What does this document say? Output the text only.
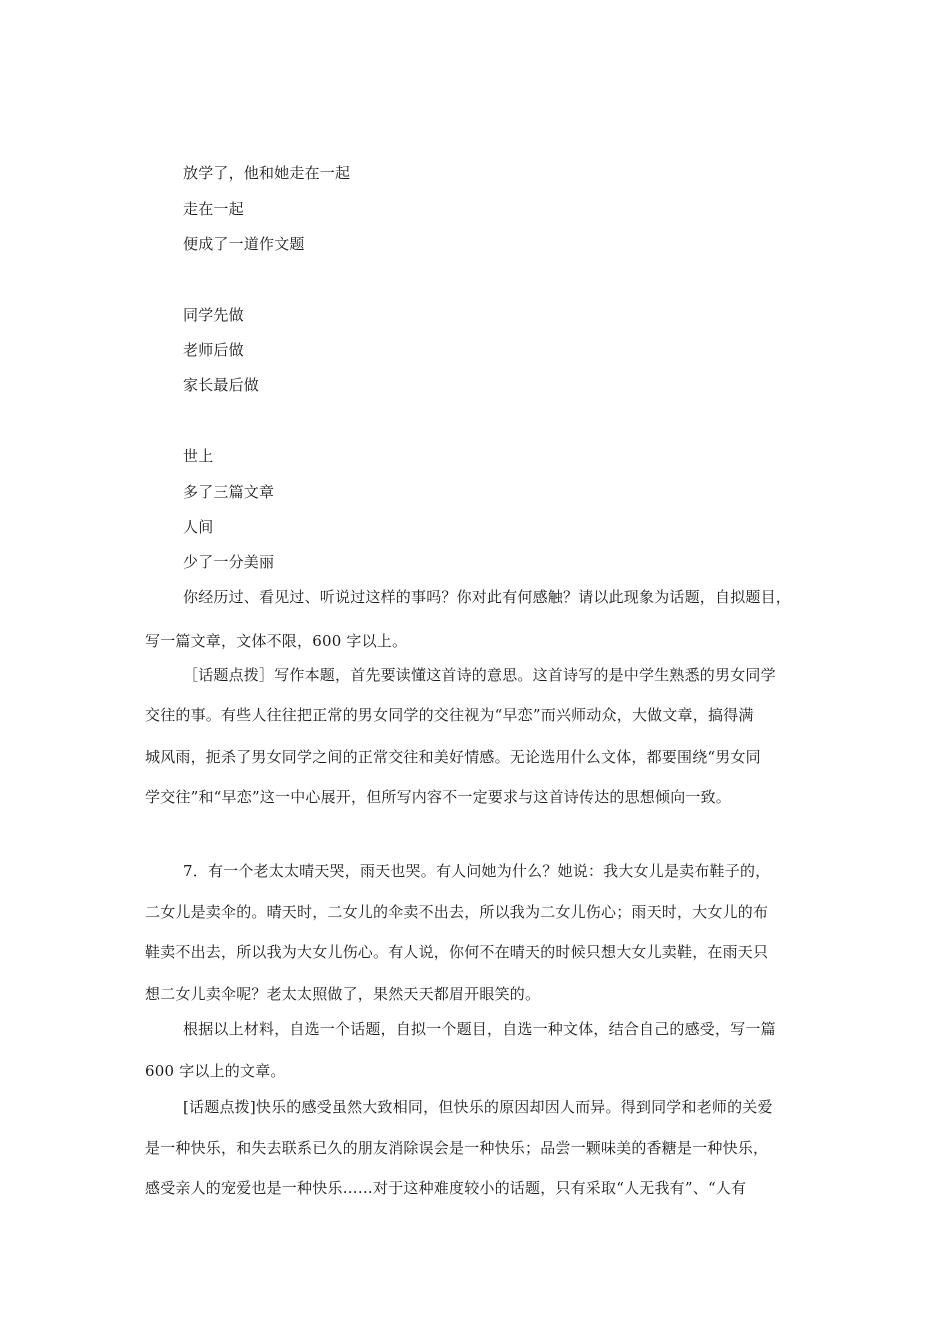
放学了，他和她走在一起
走在一起
便成了一道作文题
同学先做
老师后做
家长最后做
世上
多了三篇文章
人间
少了一分美丽
你经历过、看见过、听说过这样的事吗？你对此有何感触？请以此现象为话题，自拟题目，
写一篇文章，文体不限，600 字以上。
［话题点拨］写作本题，首先要读懂这首诗的意思。这首诗写的是中学生熟悉的男女同学
交往的事。有些人往往把正常的男女同学的交往视为“早恋”而兴师动众，大做文章，搞得满
城风雨，扼杀了男女同学之间的正常交往和美好情感。无论选用什么文体，都要围绕“男女同
学交往”和“早恋”这一中心展开，但所写内容不一定要求与这首诗传达的思想倾向一致。
7．有一个老太太晴天哭，雨天也哭。有人问她为什么？她说：我大女儿是卖布鞋子的，
二女儿是卖伞的。晴天时，二女儿的伞卖不出去，所以我为二女儿伤心；雨天时，大女儿的布
鞋卖不出去，所以我为大女儿伤心。有人说，你何不在晴天的时候只想大女儿卖鞋，在雨天只
想二女儿卖伞呢？老太太照做了，果然天天都眉开眼笑的。
根据以上材料，自选一个话题，自拟一个题目，自选一种文体，结合自己的感受，写一篇
600 字以上的文章。
[话题点拨]快乐的感受虽然大致相同，但快乐的原因却因人而异。得到同学和老师的关爱
是一种快乐，和失去联系已久的朋友消除误会是一种快乐；品尝一颗味美的香糖是一种快乐，
感受亲人的宠爱也是一种快乐……对于这种难度较小的话题，只有采取“人无我有”、“人有
